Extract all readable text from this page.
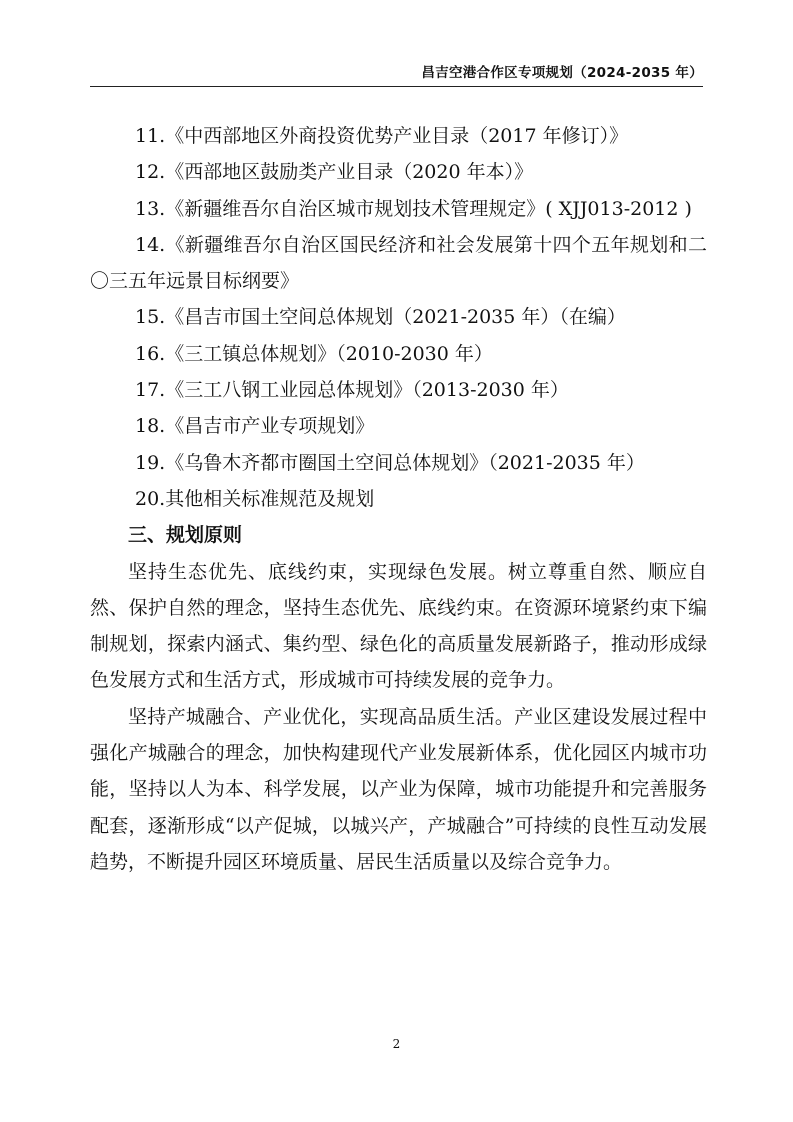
昌吉空港合作区专项规划（2024-2035 年）
11.《中西部地区外商投资优势产业目录（2017 年修订）》
12.《西部地区鼓励类产业目录（2020 年本）》
13.《新疆维吾尔自治区城市规划技术管理规定》( XJJ013-2012 )
14.《新疆维吾尔自治区国民经济和社会发展第十四个五年规划和二〇三五年远景目标纲要》
15.《昌吉市国土空间总体规划（2021-2035 年）（在编）
16.《三工镇总体规划》（2010-2030 年）
17.《三工八钢工业园总体规划》（2013-2030 年）
18.《昌吉市产业专项规划》
19.《乌鲁木齐都市圈国土空间总体规划》（2021-2035 年）
20.其他相关标准规范及规划
三、规划原则
坚持生态优先、底线约束，实现绿色发展。树立尊重自然、顺应自然、保护自然的理念，坚持生态优先、底线约束。在资源环境紧约束下编制规划，探索内涵式、集约型、绿色化的高质量发展新路子，推动形成绿色发展方式和生活方式，形成城市可持续发展的竞争力。
坚持产城融合、产业优化，实现高品质生活。产业区建设发展过程中强化产城融合的理念，加快构建现代产业发展新体系，优化园区内城市功能，坚持以人为本、科学发展，以产业为保障，城市功能提升和完善服务配套，逐渐形成“以产促城，以城兴产，产城融合”可持续的良性互动发展趋势，不断提升园区环境质量、居民生活质量以及综合竞争力。
2
